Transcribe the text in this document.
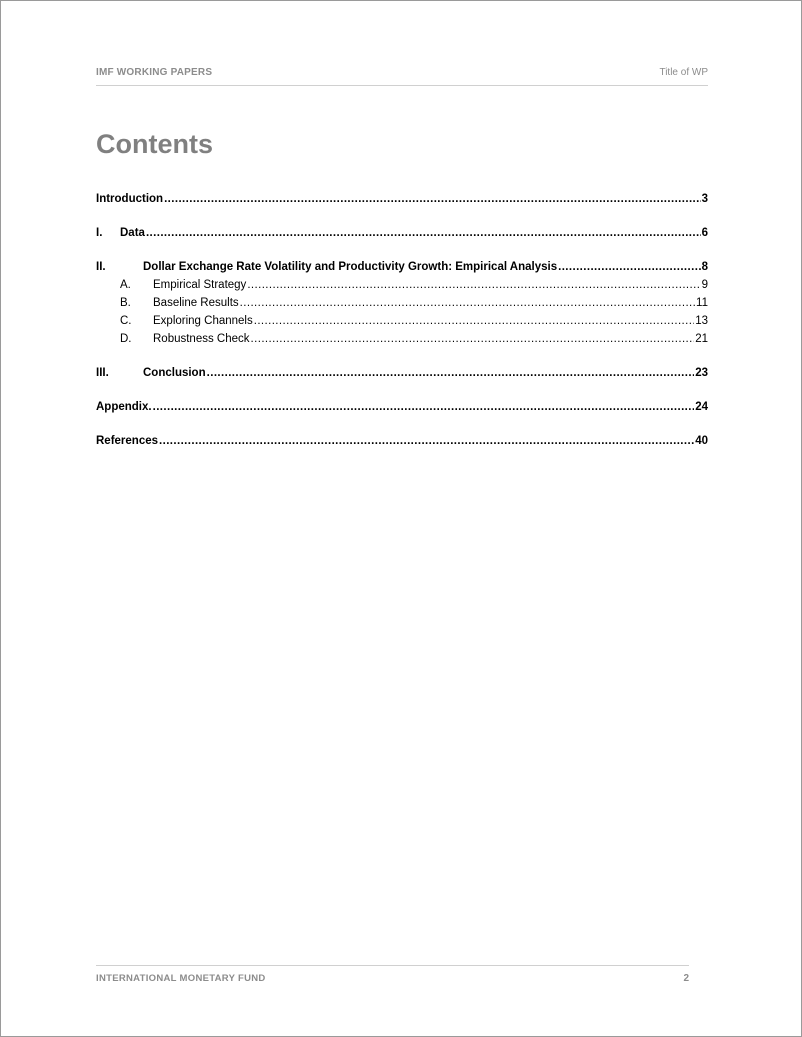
IMF WORKING PAPERS	Title of WP
Contents
Introduction .....	3
I.	Data .....	6
II.	Dollar Exchange Rate Volatility and Productivity Growth: Empirical Analysis .....	8
A.	Empirical Strategy .....	9
B.	Baseline Results .....	11
C.	Exploring Channels .....	13
D.	Robustness Check .....	21
III.	Conclusion .....	23
Appendix. .....	24
References .....	40
INTERNATIONAL MONETARY FUND	2
